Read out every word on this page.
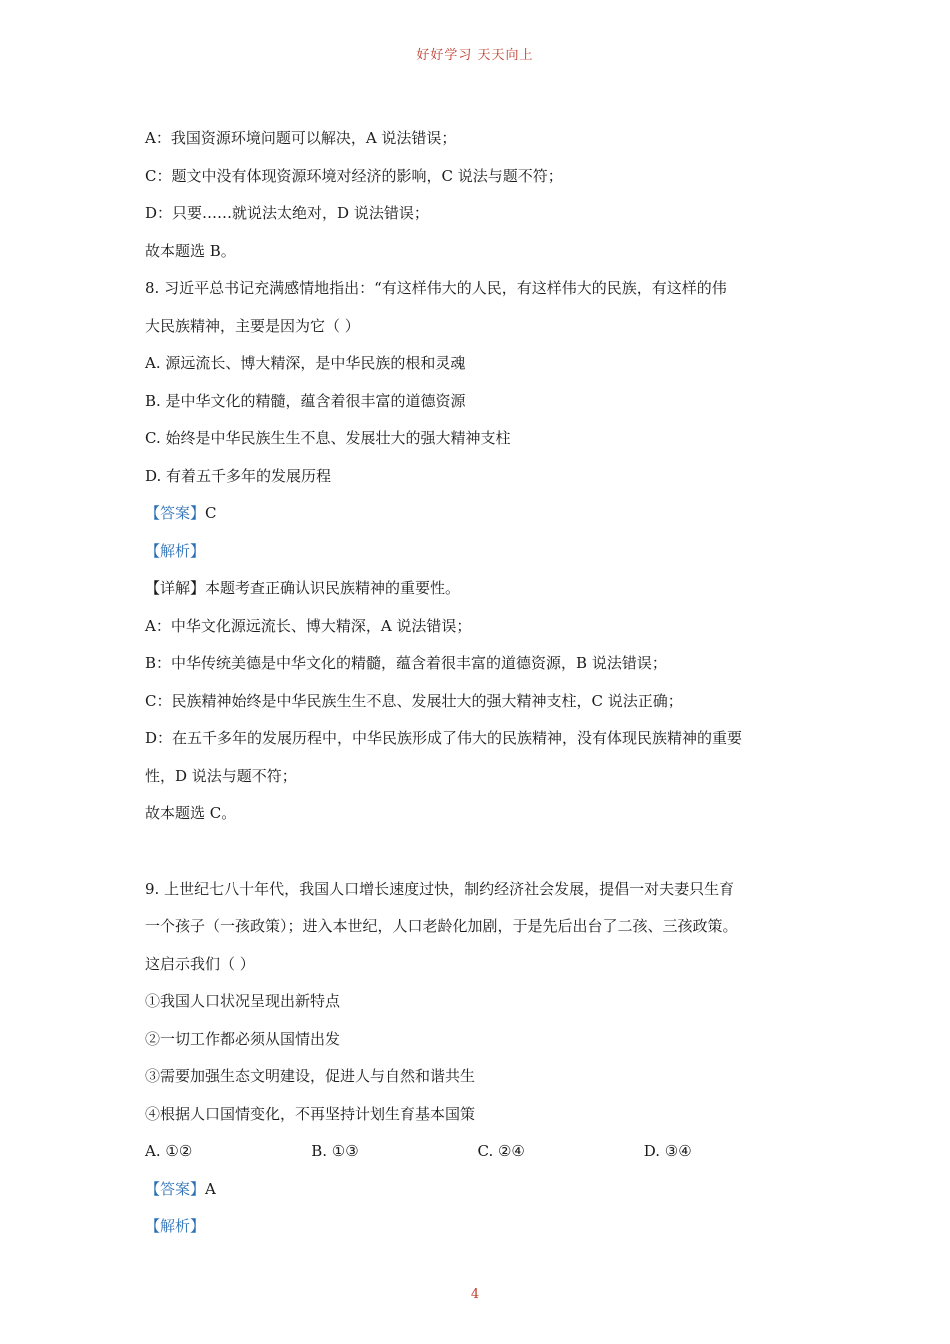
好好学习 天天向上
A：我国资源环境问题可以解决，A 说法错误；
C：题文中没有体现资源环境对经济的影响，C 说法与题不符；
D：只要……就说法太绝对，D 说法错误；
故本题选 B。
8. 习近平总书记充满感情地指出：“有这样伟大的人民，有这样伟大的民族，有这样的伟
大民族精神，主要是因为它（ ）
A. 源远流长、博大精深，是中华民族的根和灵魂
B. 是中华文化的精髓，蕴含着很丰富的道德资源
C. 始终是中华民族生生不息、发展壮大的强大精神支柱
D. 有着五千多年的发展历程
【答案】C
【解析】
【详解】本题考查正确认识民族精神的重要性。
A：中华文化源远流长、博大精深，A 说法错误；
B：中华传统美德是中华文化的精髓，蕴含着很丰富的道德资源，B 说法错误；
C：民族精神始终是中华民族生生不息、发展壮大的强大精神支柱，C 说法正确；
D：在五千多年的发展历程中，中华民族形成了伟大的民族精神，没有体现民族精神的重要
性，D 说法与题不符；
故本题选 C。
9. 上世纪七八十年代，我国人口增长速度过快，制约经济社会发展，提倡一对夫妻只生育
一个孩子（一孩政策）；进入本世纪，人口老龄化加剧，于是先后出台了二孩、三孩政策。
这启示我们（ ）
①我国人口状况呈现出新特点
②一切工作都必须从国情出发
③需要加强生态文明建设，促进人与自然和谐共生
④根据人口国情变化，不再坚持计划生育基本国策
A. ①②	B. ①③	C. ②④	D. ③④
【答案】A
【解析】
4
